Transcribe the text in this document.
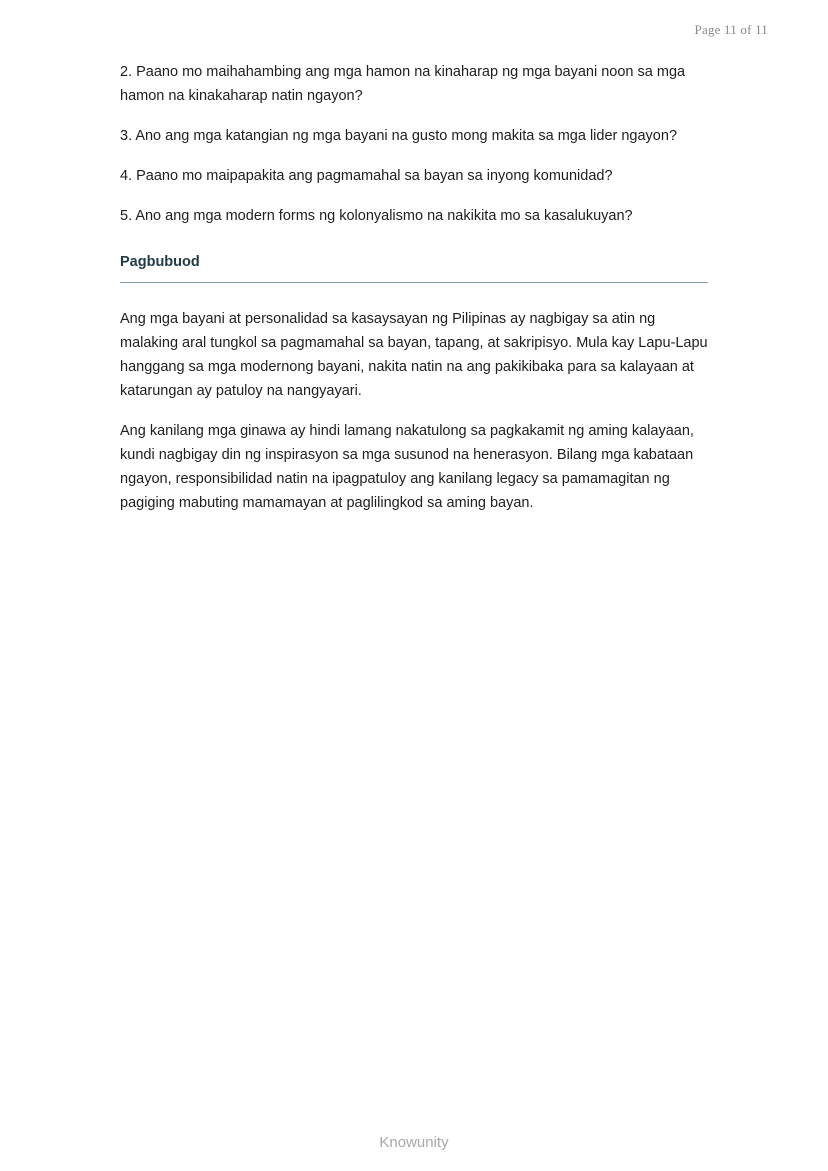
Page 11 of 11

2. Paano mo maihahambing ang mga hamon na kinaharap ng mga bayani noon sa mga hamon na kinakaharap natin ngayon?

3. Ano ang mga katangian ng mga bayani na gusto mong makita sa mga lider ngayon?

4. Paano mo maipapakita ang pagmamahal sa bayan sa inyong komunidad?

5. Ano ang mga modern forms ng kolonyalismo na nakikita mo sa kasalukuyan?

Pagbubuod

Ang mga bayani at personalidad sa kasaysayan ng Pilipinas ay nagbigay sa atin ng malaking aral tungkol sa pagmamahal sa bayan, tapang, at sakripisyo. Mula kay Lapu-Lapu hanggang sa mga modernong bayani, nakita natin na ang pakikibaka para sa kalayaan at katarungan ay patuloy na nangyayari.

Ang kanilang mga ginawa ay hindi lamang nakatulong sa pagkakamit ng aming kalayaan, kundi nagbigay din ng inspirasyon sa mga susunod na henerasyon. Bilang mga kabataan ngayon, responsibilidad natin na ipagpatuloy ang kanilang legacy sa pamamagitan ng pagiging mabuting mamamayan at paglilingkod sa aming bayan.

Knowunity
